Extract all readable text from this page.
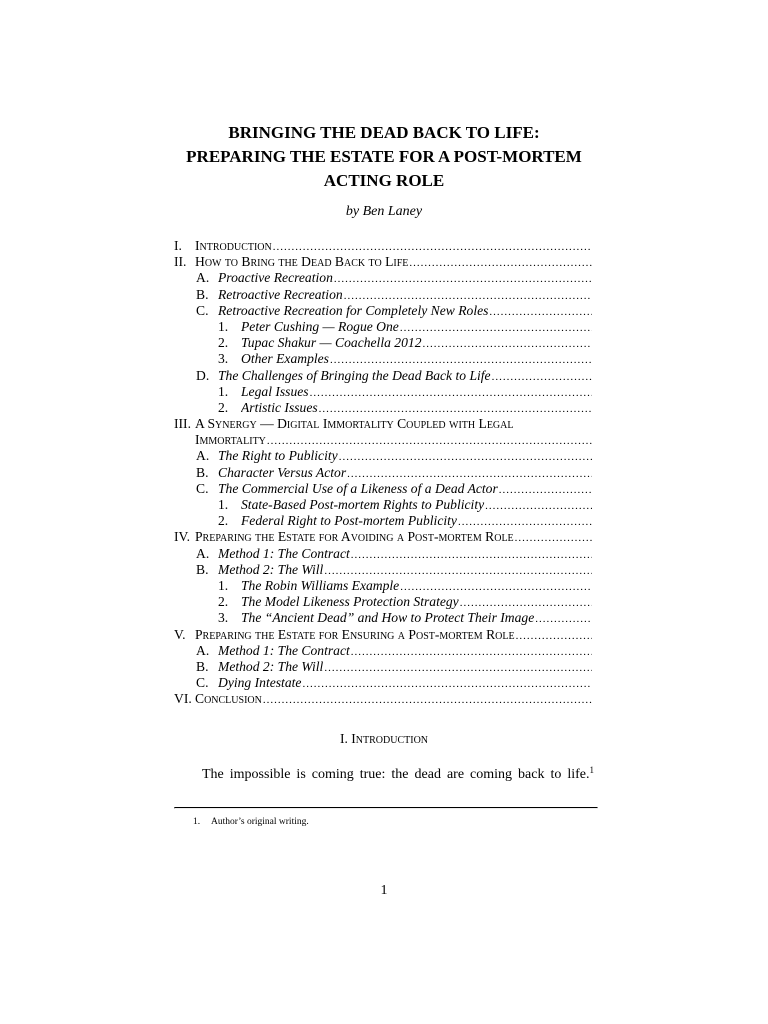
BRINGING THE DEAD BACK TO LIFE:
PREPARING THE ESTATE FOR A POST-MORTEM
ACTING ROLE

by Ben Laney

I. Introduction
.....
II. How to Bring the Dead Back to Life
.....
A. Proactive Recreation
.....
B. Retroactive Recreation
.....
C. Retroactive Recreation for Completely New Roles
.....
1. Peter Cushing — Rogue One
.....
2. Tupac Shakur — Coachella 2012
.....
3. Other Examples
.....
D. The Challenges of Bringing the Dead Back to Life
.....
1. Legal Issues
.....
2. Artistic Issues
.....
III. A Synergy — Digital Immortality Coupled with Legal
Immortality
.....
A. The Right to Publicity
.....
B. Character Versus Actor
.....
C. The Commercial Use of a Likeness of a Dead Actor
.....
1. State-Based Post-mortem Rights to Publicity
.....
2. Federal Right to Post-mortem Publicity
.....
IV. Preparing the Estate for Avoiding a Post-mortem Role
.....
A. Method 1: The Contract
.....
B. Method 2: The Will
.....
1. The Robin Williams Example
.....
2. The Model Likeness Protection Strategy
.....
3. The “Ancient Dead” and How to Protect Their Image
.....
V. Preparing the Estate for Ensuring a Post-mortem Role
.....
A. Method 1: The Contract
.....
B. Method 2: The Will
.....
C. Dying Intestate
.....
VI. Conclusion
.....
I. Introduction

The impossible is coming true: the dead are coming back to life.$^1$

1. Author’s original writing.

1
